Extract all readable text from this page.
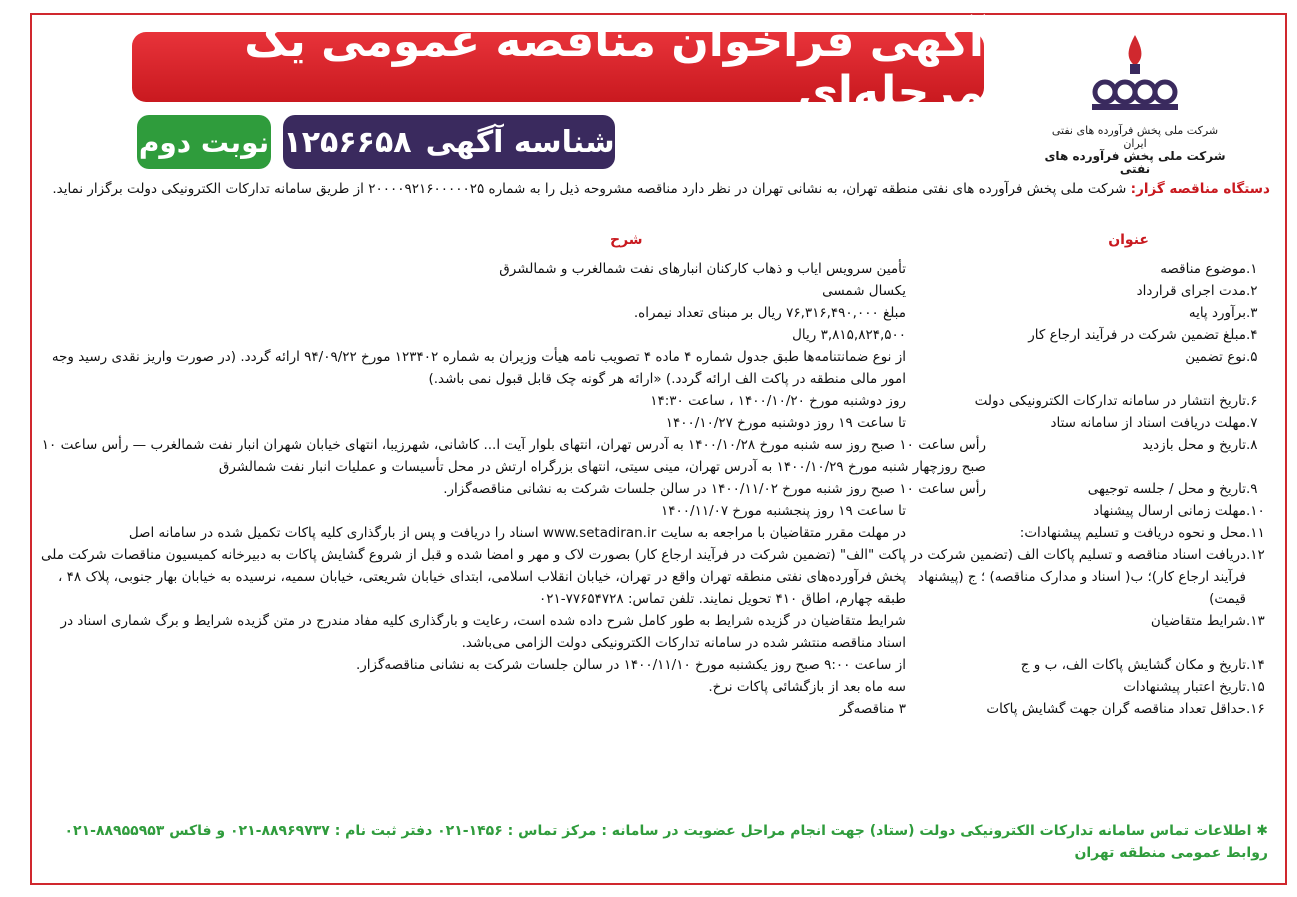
شرکت ملی پخش فرآورده های نفتی ایران
شرکت ملی پخش فرآورده های نفتی
آگهی فراخوان مناقصه عمومی یک مرحله‌ای
شناسه آگهی
۱۲۵۶۶۵۸
نوبت دوم
دستگاه مناقصه گزار: شرکت ملی پخش فرآورده های نفتی منطقه تهران، به نشانی تهران در نظر دارد مناقصه مشروحه ذیل را به شماره ۲۰۰۰۰۹۲۱۶۰۰۰۰۰۲۵ از طریق سامانه تدارکات الکترونیکی دولت برگزار نماید.
عنوان
شرح
۱.
موضوع مناقصه
تأمین سرویس ایاب و ذهاب کارکنان انبارهای نفت شمالغرب و شمالشرق
۲.
مدت اجرای قرارداد
یکسال شمسی
۳.
برآورد پایه
مبلغ ۷۶,۳۱۶,۴۹۰,۰۰۰ ریال بر مبنای تعداد نیمراه.
۴.
مبلغ تضمین شرکت در فرآیند ارجاع کار
۳,۸۱۵,۸۲۴,۵۰۰ ریال
۵.
نوع تضمین
از نوع ضمانتنامه‌ها طبق جدول شماره ۴ ماده ۴ تصویب نامه هیأت وزیران به شماره ۱۲۳۴۰۲ مورخ ۹۴/۰۹/۲۲ ارائه گردد. (در صورت واریز نقدی رسید وجه امور مالی منطقه در پاکت الف ارائه گردد.) «ارائه هر گونه چک قابل قبول نمی باشد.)
۶.
تاریخ انتشار در سامانه تدارکات الکترونیکی دولت
روز دوشنبه مورخ ۱۴۰۰/۱۰/۲۰ ، ساعت ۱۴:۳۰
۷.
مهلت دریافت اسناد از سامانه ستاد
تا ساعت ۱۹ روز دوشنبه مورخ ۱۴۰۰/۱۰/۲۷
۸.
تاریخ و محل بازدید
رأس ساعت ۱۰ صبح روز سه شنبه مورخ ۱۴۰۰/۱۰/۲۸ به آدرس تهران، انتهای بلوار آیت ا... کاشانی، شهرزیبا، انتهای خیابان شهران انبار نفت شمالغرب — رأس ساعت ۱۰ صبح روزچهار شنبه مورخ ۱۴۰۰/۱۰/۲۹ به آدرس تهران، مینی سیتی، انتهای بزرگراه ارتش در محل تأسیسات و عملیات انبار نفت شمالشرق
۹.
تاریخ و محل / جلسه توجیهی
رأس ساعت ۱۰ صبح روز شنبه مورخ ۱۴۰۰/۱۱/۰۲ در سالن جلسات شرکت به نشانی مناقصه‌گزار.
۱۰.
مهلت زمانی ارسال پیشنهاد
تا ساعت ۱۹ روز پنجشنبه مورخ ۱۴۰۰/۱۱/۰۷
۱۱.
محل و نحوه دریافت و تسلیم پیشنهادات:
در مهلت مقرر متقاضیان با مراجعه به سایت www.setadiran.ir اسناد را دریافت و پس از بارگذاری کلیه پاکات تکمیل شده در سامانه اصل
۱۲.
دریافت اسناد مناقصه و تسلیم پاکات الف (تضمین شرکت در فرآیند ارجاع کار)؛ ب( اسناد و مدارک مناقصه) ؛ ج (پیشنهاد قیمت)
پاکت "الف" (تضمین شرکت در فرآیند ارجاع کار) بصورت لاک و مهر و امضا شده و قبل از شروع گشایش پاکات به دبیرخانه کمیسیون مناقصات شرکت ملی پخش فرآورده‌های نفتی منطقه تهران واقع در تهران، خیابان انقلاب اسلامی، ابتدای خیابان شریعتی، خیابان سمیه، نرسیده به خیابان بهار جنوبی، پلاک ۴۸ ، طبقه چهارم، اطاق ۴۱۰ تحویل نمایند. تلفن تماس: ۷۷۶۵۴۷۲۸-۰۲۱
۱۳.
شرایط متقاضیان
شرایط متقاضیان در گزیده شرایط به طور کامل شرح داده شده است، رعایت و بارگذاری کلیه مفاد مندرج در متن گزیده شرایط و برگ شماری اسناد در اسناد مناقصه منتشر شده در سامانه تدارکات الکترونیکی دولت الزامی می‌باشد.
۱۴.
تاریخ و مکان گشایش پاکات الف، ب و ج
از ساعت ۹:۰۰ صبح روز یکشنبه مورخ ۱۴۰۰/۱۱/۱۰ در سالن جلسات شرکت به نشانی مناقصه‌گزار.
۱۵.
تاریخ اعتبار پیشنهادات
سه ماه بعد از بازگشائی پاکات نرخ.
۱۶.
حداقل تعداد مناقصه گران جهت گشایش پاکات
۳ مناقصه‌گر
✱ اطلاعات تماس سامانه تدارکات الکترونیکی دولت (ستاد) جهت انجام مراحل عضویت در سامانه : مرکز تماس : ۱۴۵۶-۰۲۱ دفتر ثبت نام : ۸۸۹۶۹۷۳۷-۰۲۱ و فاکس ۸۸۹۵۵۹۵۳-۰۲۱
روابط عمومی منطقه تهران
